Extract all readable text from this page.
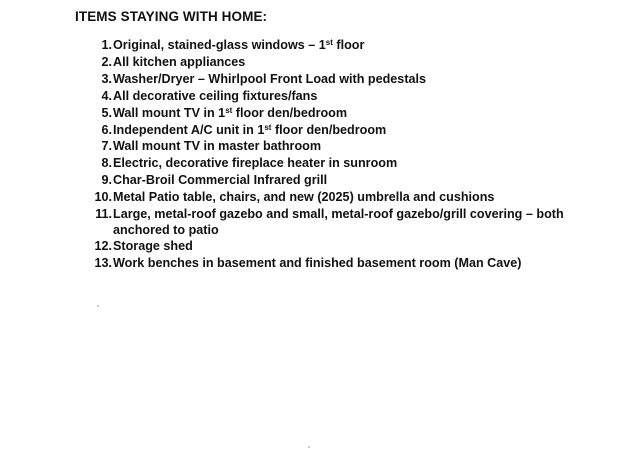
ITEMS STAYING WITH HOME:
1. Original, stained-glass windows – 1st floor
2. All kitchen appliances
3. Washer/Dryer – Whirlpool Front Load with pedestals
4. All decorative ceiling fixtures/fans
5. Wall mount TV in 1st floor den/bedroom
6. Independent A/C unit in 1st floor den/bedroom
7. Wall mount TV in master bathroom
8. Electric, decorative fireplace heater in sunroom
9. Char-Broil Commercial Infrared grill
10. Metal Patio table, chairs, and new (2025) umbrella and cushions
11. Large, metal-roof gazebo and small, metal-roof gazebo/grill covering – both anchored to patio
12. Storage shed
13. Work benches in basement and finished basement room (Man Cave)
